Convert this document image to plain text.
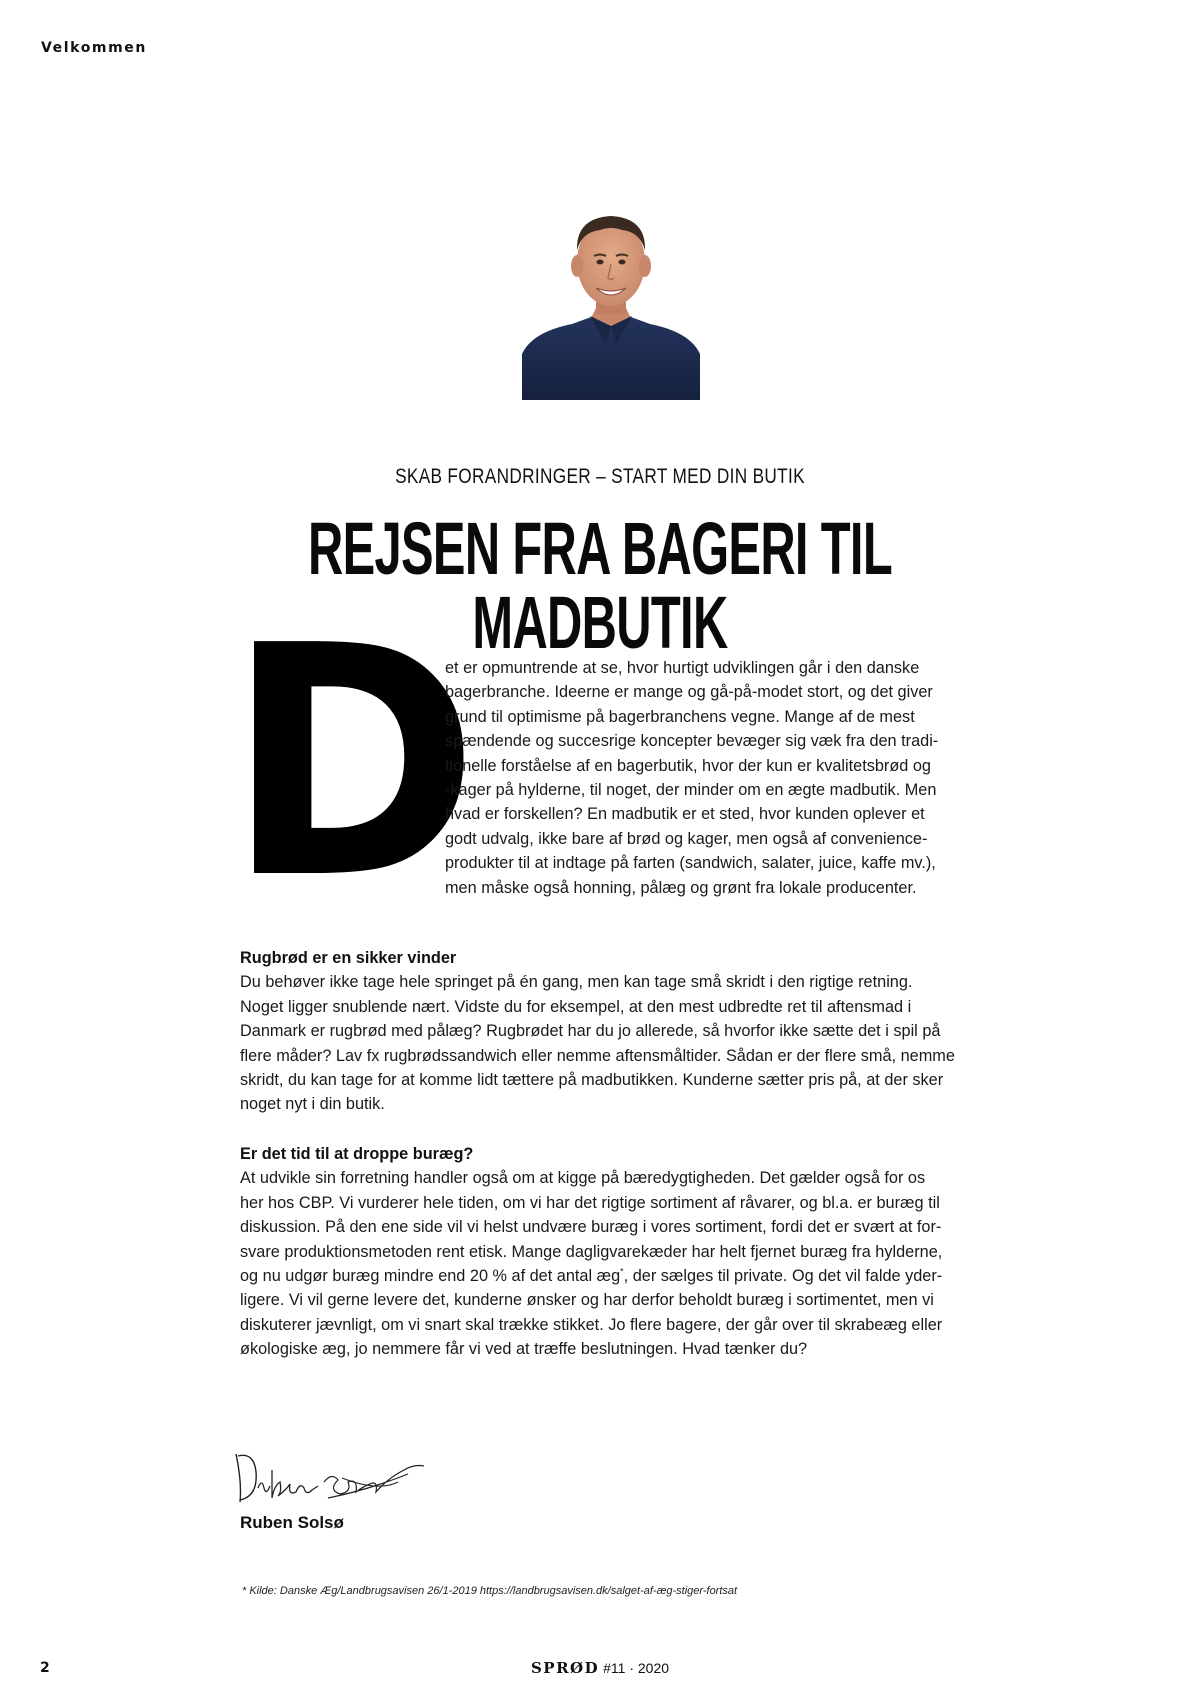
Velkommen
SKAB FORANDRINGER – START MED DIN BUTIK
REJSEN FRA BAGERI TIL MADBUTIK
D
et er opmuntrende at se, hvor hurtigt udviklingen går i den danske
bagerbranche. Ideerne er mange og gå-på-modet stort, og det giver
grund til optimisme på bagerbranchens vegne. Mange af de mest
spændende og succesrige koncepter bevæger sig væk fra den tradi-
tionelle forståelse af en bagerbutik, hvor der kun er kvalitetsbrød og
-kager på hylderne, til noget, der minder om en ægte madbutik. Men
hvad er forskellen? En madbutik er et sted, hvor kunden oplever et
godt udvalg, ikke bare af brød og kager, men også af convenience-
produkter til at indtage på farten (sandwich, salater, juice, kaffe mv.),
men måske også honning, pålæg og grønt fra lokale producenter.
Rugbrød er en sikker vinder
Du behøver ikke tage hele springet på én gang, men kan tage små skridt i den rigtige retning.
Noget ligger snublende nært. Vidste du for eksempel, at den mest udbredte ret til aftensmad i
Danmark er rugbrød med pålæg? Rugbrødet har du jo allerede, så hvorfor ikke sætte det i spil på
flere måder? Lav fx rugbrødssandwich eller nemme aftensmåltider. Sådan er der flere små, nemme
skridt, du kan tage for at komme lidt tættere på madbutikken. Kunderne sætter pris på, at der sker
noget nyt i din butik.
Er det tid til at droppe buræg?
At udvikle sin forretning handler også om at kigge på bæredygtigheden. Det gælder også for os
her hos CBP. Vi vurderer hele tiden, om vi har det rigtige sortiment af råvarer, og bl.a. er buræg til
diskussion. På den ene side vil vi helst undvære buræg i vores sortiment, fordi det er svært at for-
svare produktionsmetoden rent etisk. Mange dagligvarekæder har helt fjernet buræg fra hylderne,
og nu udgør buræg mindre end 20 % af det antal æg*, der sælges til private. Og det vil falde yder-
ligere. Vi vil gerne levere det, kunderne ønsker og har derfor beholdt buræg i sortimentet, men vi
diskuterer jævnligt, om vi snart skal trække stikket. Jo flere bagere, der går over til skrabeæg eller
økologiske æg, jo nemmere får vi ved at træffe beslutningen. Hvad tænker du?
Ruben Solsø
* Kilde: Danske Æg/Landbrugsavisen 26/1-2019 https://landbrugsavisen.dk/salget-af-æg-stiger-fortsat
2	SPRØD #11 · 2020
